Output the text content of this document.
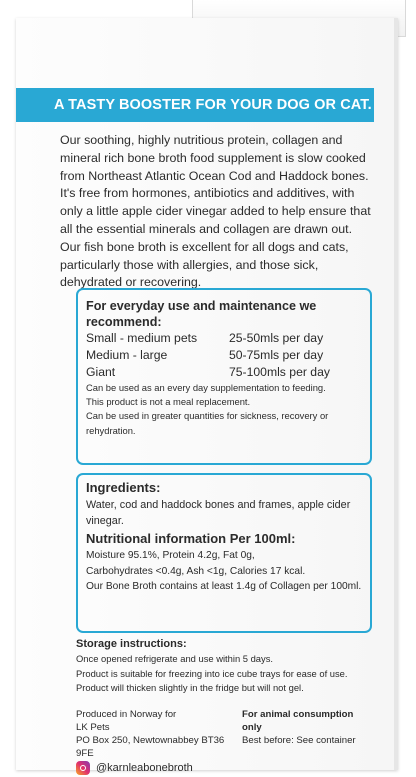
A TASTY BOOSTER FOR YOUR DOG OR CAT.
Our soothing, highly nutritious protein, collagen and mineral rich bone broth food supplement is slow cooked from Northeast Atlantic Ocean Cod and Haddock bones. It's free from hormones, antibiotics and additives, with only a little apple cider vinegar added to help ensure that all the essential minerals and collagen are drawn out. Our fish bone broth is excellent for all dogs and cats, particularly those with allergies, and those sick, dehydrated or recovering.
For everyday use and maintenance we recommend:
Small - medium pets	25-50mls per day
Medium - large	50-75mls per day
Giant	75-100mls per day
Can be used as an every day supplementation to feeding.
This product is not a meal replacement.
Can be used in greater quantities for sickness, recovery or rehydration.
Ingredients:
Water, cod and haddock bones and frames, apple cider vinegar.
Nutritional information Per 100ml:
Moisture 95.1%, Protein 4.2g, Fat 0g,
Carbohydrates <0.4g, Ash <1g, Calories 17 kcal.
Our Bone Broth contains at least 1.4g of Collagen per 100ml.
Storage instructions:
Once opened refrigerate and use within 5 days.
Product is suitable for freezing into ice cube trays for ease of use.
Product will thicken slightly in the fridge but will not gel.
Produced in Norway for
LK Pets
PO Box 250, Newtownabbey BT36 9FE
For animal consumption only
Best before: See container
@karnleabonebroth
